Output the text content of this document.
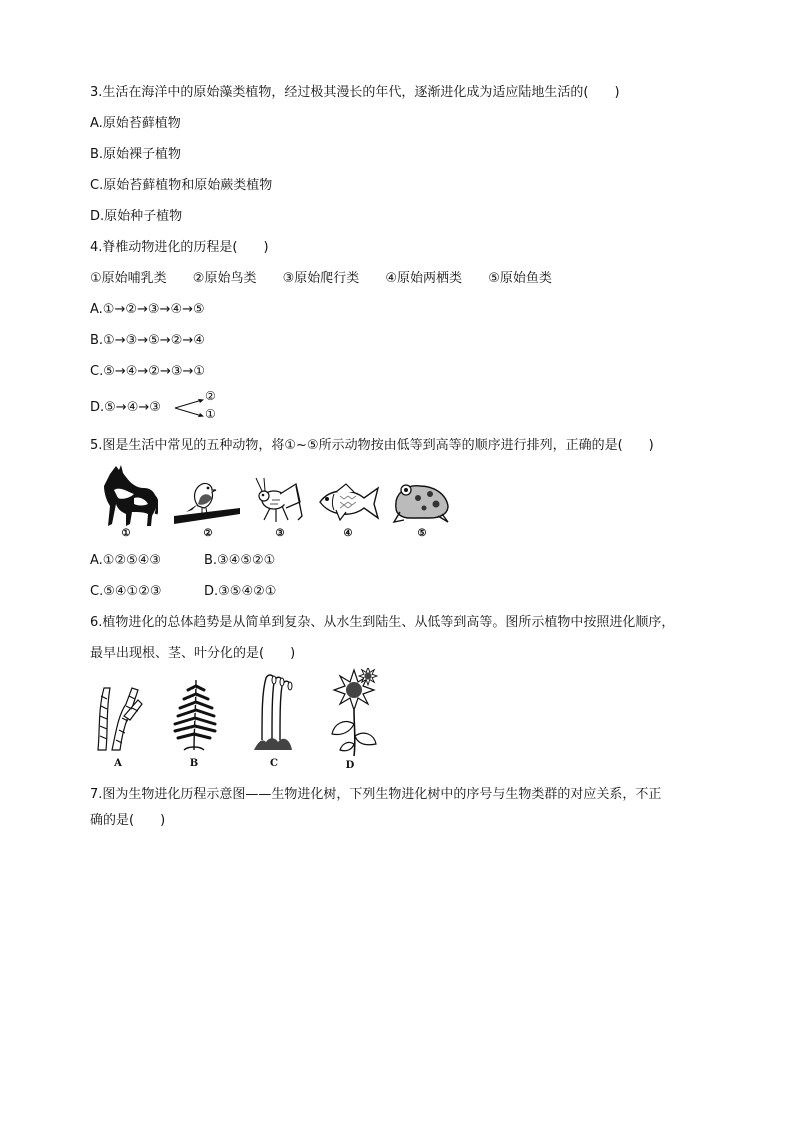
3.生活在海洋中的原始藻类植物，经过极其漫长的年代，逐渐进化成为适应陆地生活的(　　)
A.原始苔藓植物
B.原始裸子植物
C.原始苔藓植物和原始蕨类植物
D.原始种子植物
4.脊椎动物进化的历程是(　　)
①原始哺乳类 ②原始鸟类 ③原始爬行类 ④原始两栖类 ⑤原始鱼类
A.①→②→③→④→⑤
B.①→③→⑤→②→④
C.⑤→④→②→③→①
D.⑤→④→③
②
①
5.图是生活中常见的五种动物，将①~⑤所示动物按由低等到高等的顺序进行排列，正确的是(　　)
①	②	③	④	⑤
A.①②⑤④③	B.③④⑤②①
C.⑤④①②③	D.③⑤④②①
6.植物进化的总体趋势是从简单到复杂、从水生到陆生、从低等到高等。图所示植物中按照进化顺序，
最早出现根、茎、叶分化的是(　　)
A	B	C	D
7.图为生物进化历程示意图——生物进化树，下列生物进化树中的序号与生物类群的对应关系，不正
确的是(　　)
